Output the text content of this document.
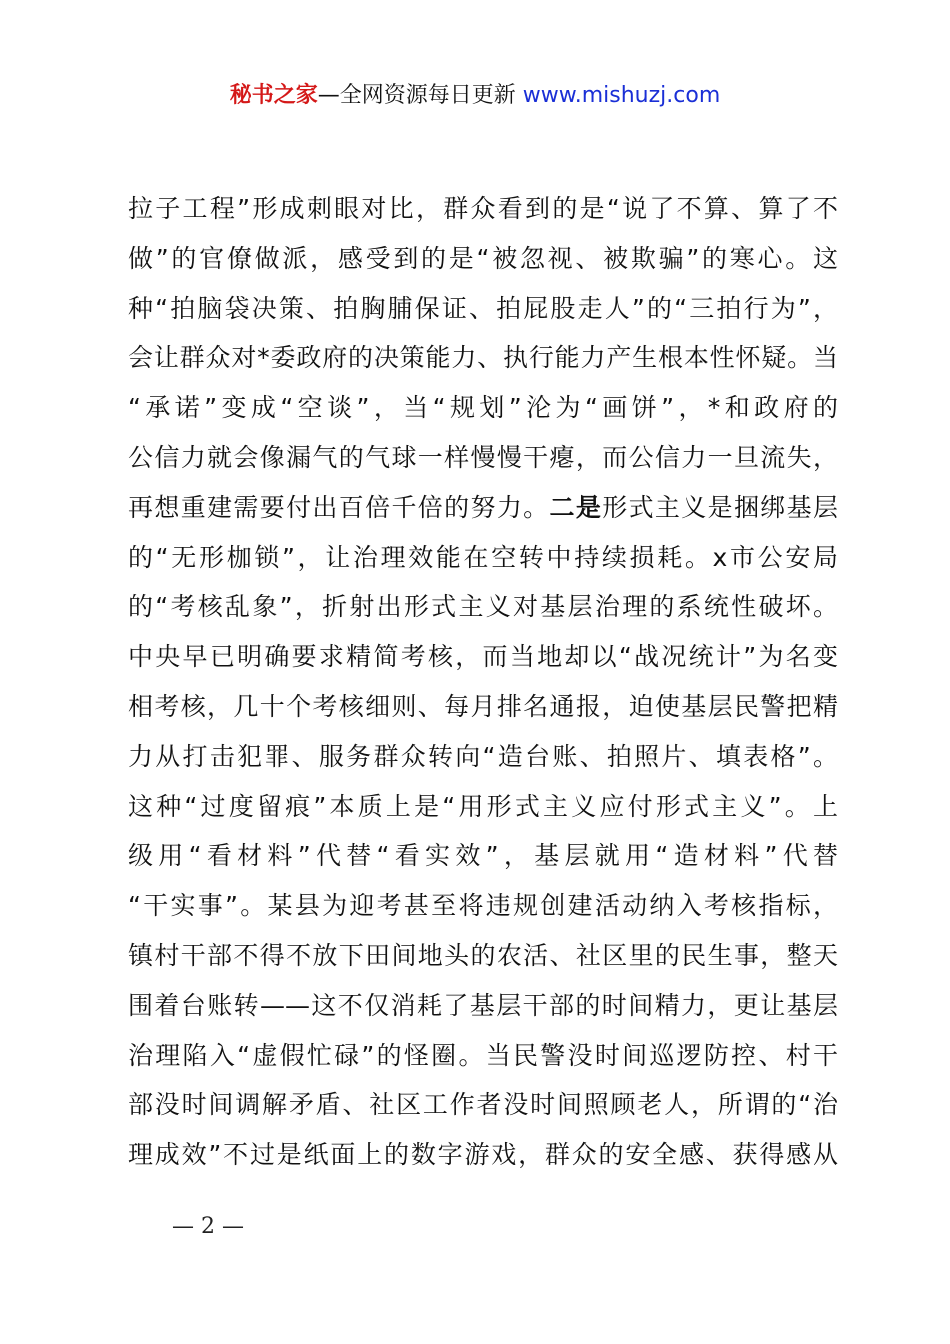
秘书之家—全网资源每日更新 www.mishuzj.com
拉子工程”形成刺眼对比，群众看到的是“说了不算、算了不
做”的官僚做派，感受到的是“被忽视、被欺骗”的寒心。这
种“拍脑袋决策、拍胸脯保证、拍屁股走人”的“三拍行为”，
会让群众对*委政府的决策能力、执行能力产生根本性怀疑。当
“承诺”变成“空谈”，当“规划”沦为“画饼”，*和政府的
公信力就会像漏气的气球一样慢慢干瘪，而公信力一旦流失，
再想重建需要付出百倍千倍的努力。二是形式主义是捆绑基层
的“无形枷锁”，让治理效能在空转中持续损耗。x市公安局
的“考核乱象”，折射出形式主义对基层治理的系统性破坏。
中央早已明确要求精简考核，而当地却以“战况统计”为名变
相考核，几十个考核细则、每月排名通报，迫使基层民警把精
力从打击犯罪、服务群众转向“造台账、拍照片、填表格”。
这种“过度留痕”本质上是“用形式主义应付形式主义”。上
级用“看材料”代替“看实效”，基层就用“造材料”代替
“干实事”。某县为迎考甚至将违规创建活动纳入考核指标，
镇村干部不得不放下田间地头的农活、社区里的民生事，整天
围着台账转——这不仅消耗了基层干部的时间精力，更让基层
治理陷入“虚假忙碌”的怪圈。当民警没时间巡逻防控、村干
部没时间调解矛盾、社区工作者没时间照顾老人，所谓的“治
理成效”不过是纸面上的数字游戏，群众的安全感、获得感从
— 2 —
